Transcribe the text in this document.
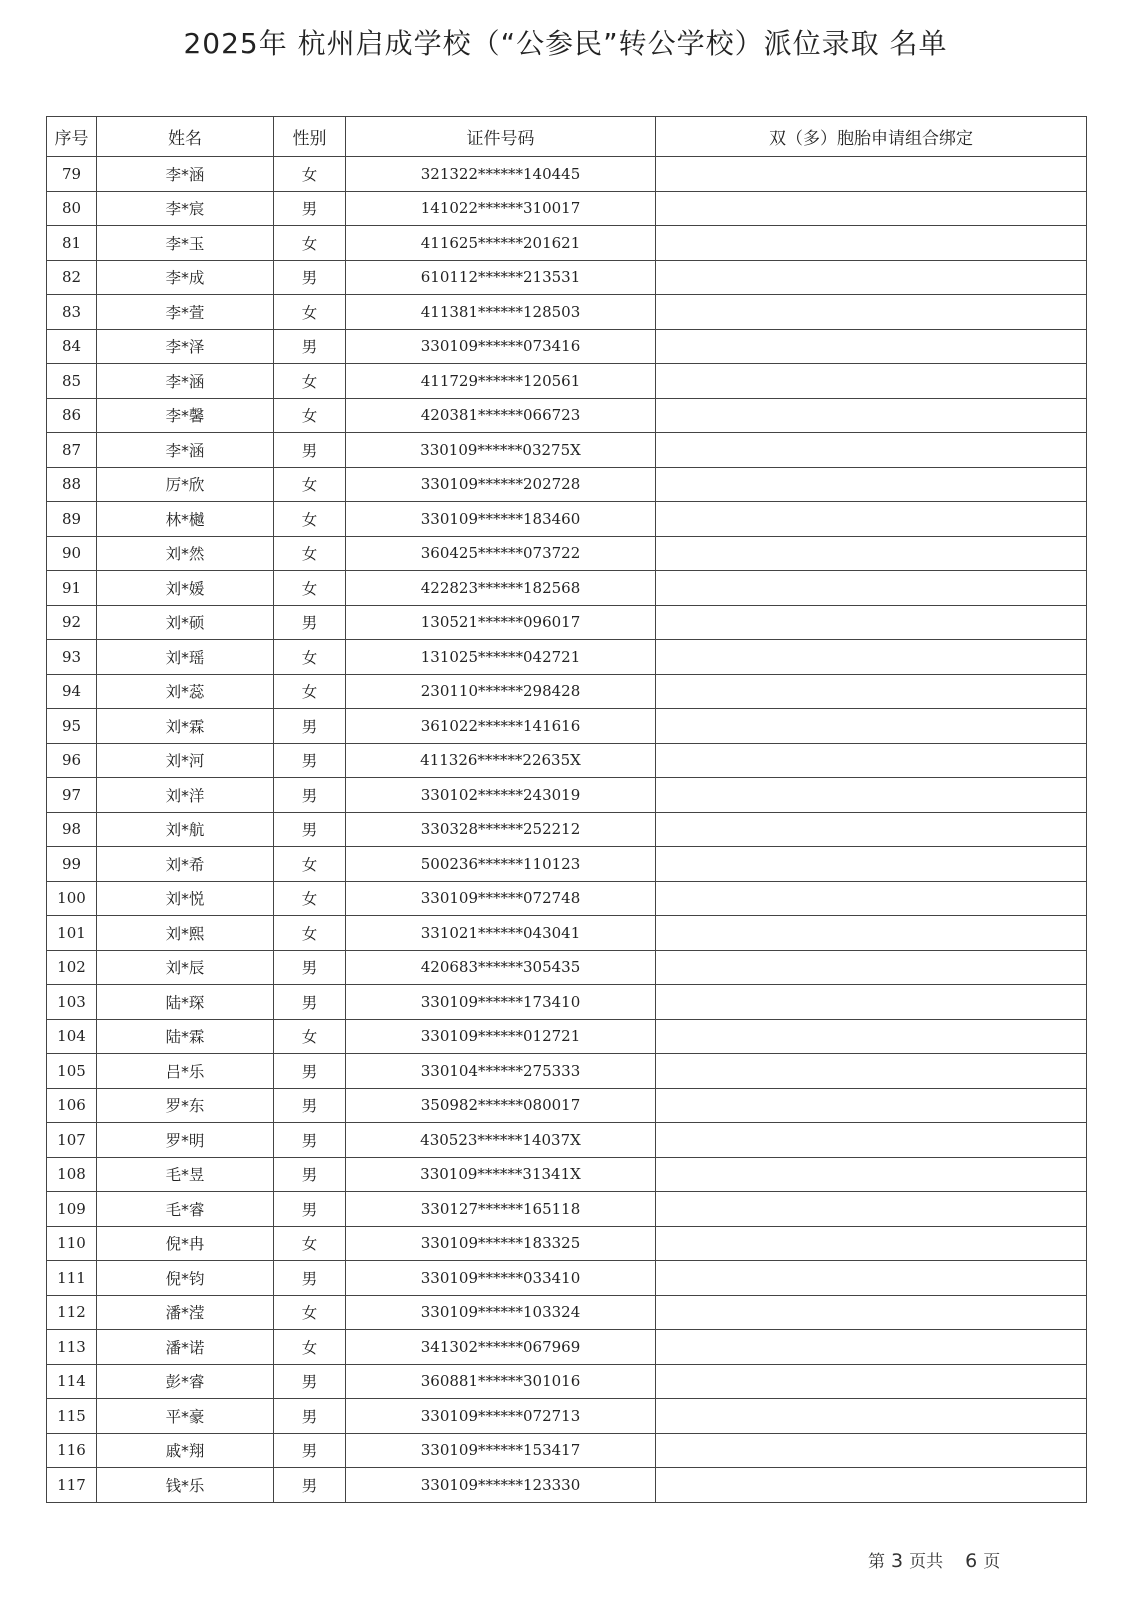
2025年 杭州启成学校（“公参民”转公学校）派位录取 名单
序号	姓名	性别	证件号码	双（多）胞胎申请组合绑定
79	李*涵	女	321322******140445	
80	李*宸	男	141022******310017	
81	李*玉	女	411625******201621	
82	李*成	男	610112******213531	
83	李*萱	女	411381******128503	
84	李*泽	男	330109******073416	
85	李*涵	女	411729******120561	
86	李*馨	女	420381******066723	
87	李*涵	男	330109******03275X	
88	厉*欣	女	330109******202728	
89	林*樾	女	330109******183460	
90	刘*然	女	360425******073722	
91	刘*媛	女	422823******182568	
92	刘*硕	男	130521******096017	
93	刘*瑶	女	131025******042721	
94	刘*蕊	女	230110******298428	
95	刘*霖	男	361022******141616	
96	刘*河	男	411326******22635X	
97	刘*洋	男	330102******243019	
98	刘*航	男	330328******252212	
99	刘*希	女	500236******110123	
100	刘*悦	女	330109******072748	
101	刘*熙	女	331021******043041	
102	刘*辰	男	420683******305435	
103	陆*琛	男	330109******173410	
104	陆*霖	女	330109******012721	
105	吕*乐	男	330104******275333	
106	罗*东	男	350982******080017	
107	罗*明	男	430523******14037X	
108	毛*昱	男	330109******31341X	
109	毛*睿	男	330127******165118	
110	倪*冉	女	330109******183325	
111	倪*钧	男	330109******033410	
112	潘*滢	女	330109******103324	
113	潘*诺	女	341302******067969	
114	彭*睿	男	360881******301016	
115	平*豪	男	330109******072713	
116	戚*翔	男	330109******153417	
117	钱*乐	男	330109******123330	
第 3 页共 6 页
